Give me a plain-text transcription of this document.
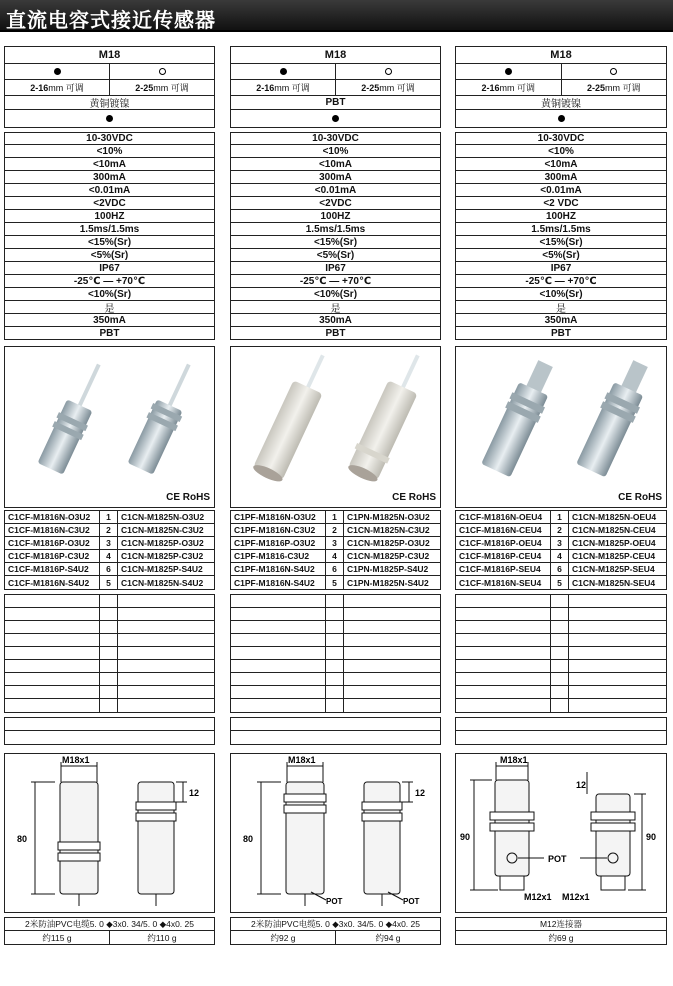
直流电容式接近传感器
M18
2-16 mm 可调	2-25 mm 可调
黄铜镀镍
10-30VDC
<10%
<10mA
300mA
<0.01mA
<2VDC
100HZ
1.5ms/1.5ms
<15%(Sr)
<5%(Sr)
IP67
-25℃ — +70℃
<10%(Sr)
是
350mA
PBT
CE RoHS
C1CF-M1816N-O3U2	1	C1CN-M1825N-O3U2
C1CF-M1816N-C3U2	2	C1CN-M1825N-C3U2
C1CF-M1816P-O3U2	3	C1CN-M1825P-O3U2
C1CF-M1816P-C3U2	4	C1CN-M1825P-C3U2
C1CF-M1816P-S4U2	6	C1CN-M1825P-S4U2
C1CF-M1816N-S4U2	5	C1CN-M1825N-S4U2
M18x1
80
12
2米防油PVC电缆5. 0 ◆3x0. 34/5. 0 ◆4x0. 25
约115 g	约110 g
M18
2-16 mm 可调	2-25 mm 可调
PBT
10-30VDC
<10%
<10mA
300mA
<0.01mA
<2VDC
100HZ
1.5ms/1.5ms
<15%(Sr)
<5%(Sr)
IP67
-25℃ — +70℃
<10%(Sr)
是
350mA
PBT
CE RoHS
C1PF-M1816N-O3U2	1	C1PN-M1825N-O3U2
C1PF-M1816N-C3U2	2	C1CN-M1825N-C3U2
C1PF-M1816P-O3U2	3	C1CN-M1825P-O3U2
C1PF-M1816-C3U2	4	C1CN-M1825P-C3U2
C1PF-M1816N-S4U2	6	C1PN-M1825P-S4U2
C1PF-M1816N-S4U2	5	C1PN-M1825N-S4U2
M18x1
80
12
POT	POT
2米防油PVC电缆5. 0 ◆3x0. 34/5. 0 ◆4x0. 25
约92 g	约94 g
M18
2-16 mm 可调	2-25 mm 可调
黄铜镀镍
10-30VDC
<10%
<10mA
300mA
<0.01mA
<2 VDC
100HZ
1.5ms/1.5ms
<15%(Sr)
<5%(Sr)
IP67
-25℃ — +70℃
<10%(Sr)
是
350mA
PBT
CE RoHS
C1CF-M1816N-OEU4	1	C1CN-M1825N-OEU4
C1CF-M1816N-CEU4	2	C1CN-M1825N-CEU4
C1CF-M1816P-OEU4	3	C1CN-M1825P-OEU4
C1CF-M1816P-CEU4	4	C1CN-M1825P-CEU4
C1CF-M1816P-SEU4	6	C1CN-M1825P-SEU4
C1CF-M1816N-SEU4	5	C1CN-M1825N-SEU4
M18x1
90	90
12
POT
M12x1 M12x1
M12连接器
约69 g
